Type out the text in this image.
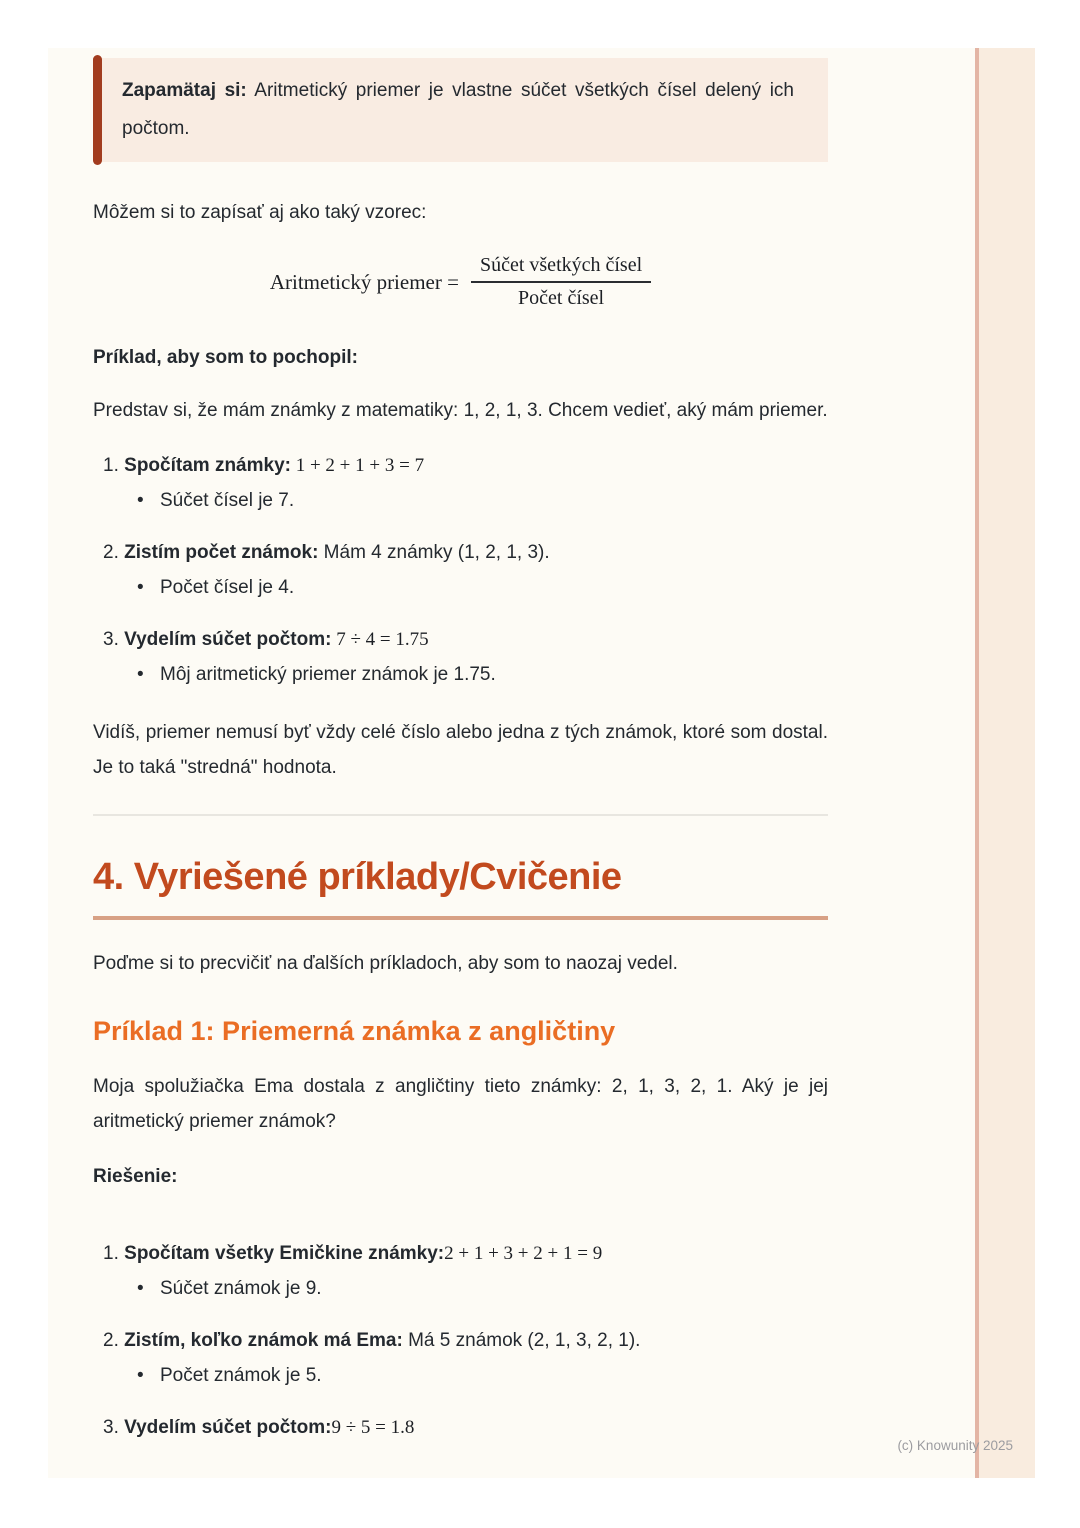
Zapamätaj si: Aritmetický priemer je vlastne súčet všetkých čísel delený ich počtom.

Môžem si to zapísať aj ako taký vzorec:

Aritmetický priemer = $\frac{\text{Súčet všetkých čísel}}{\text{Počet čísel}}$

Príklad, aby som to pochopil:

Predstav si, že mám známky z matematiky: 1, 2, 1, 3. Chcem vedieť, aký mám priemer.

1. Spočítam známky: 1 + 2 + 1 + 3 = 7
• Súčet čísel je 7.
2. Zistím počet známok: Mám 4 známky (1, 2, 1, 3).
• Počet čísel je 4.
3. Vydelím súčet počtom: 7 ÷ 4 = 1.75
• Môj aritmetický priemer známok je 1.75.

Vidíš, priemer nemusí byť vždy celé číslo alebo jedna z tých známok, ktoré som dostal. Je to taká "stredná" hodnota.

4. Vyriešené príklady/Cvičenie

Poďme si to precvičiť na ďalších príkladoch, aby som to naozaj vedel.

Príklad 1: Priemerná známka z angličtiny

Moja spolužiačka Ema dostala z angličtiny tieto známky: 2, 1, 3, 2, 1. Aký je jej aritmetický priemer známok?

Riešenie:

1. Spočítam všetky Emičkine známky:2 + 1 + 3 + 2 + 1 = 9
• Súčet známok je 9.
2. Zistím, koľko známok má Ema: Má 5 známok (2, 1, 3, 2, 1).
• Počet známok je 5.
3. Vydelím súčet počtom:9 ÷ 5 = 1.8
(c) Knowunity 2025
